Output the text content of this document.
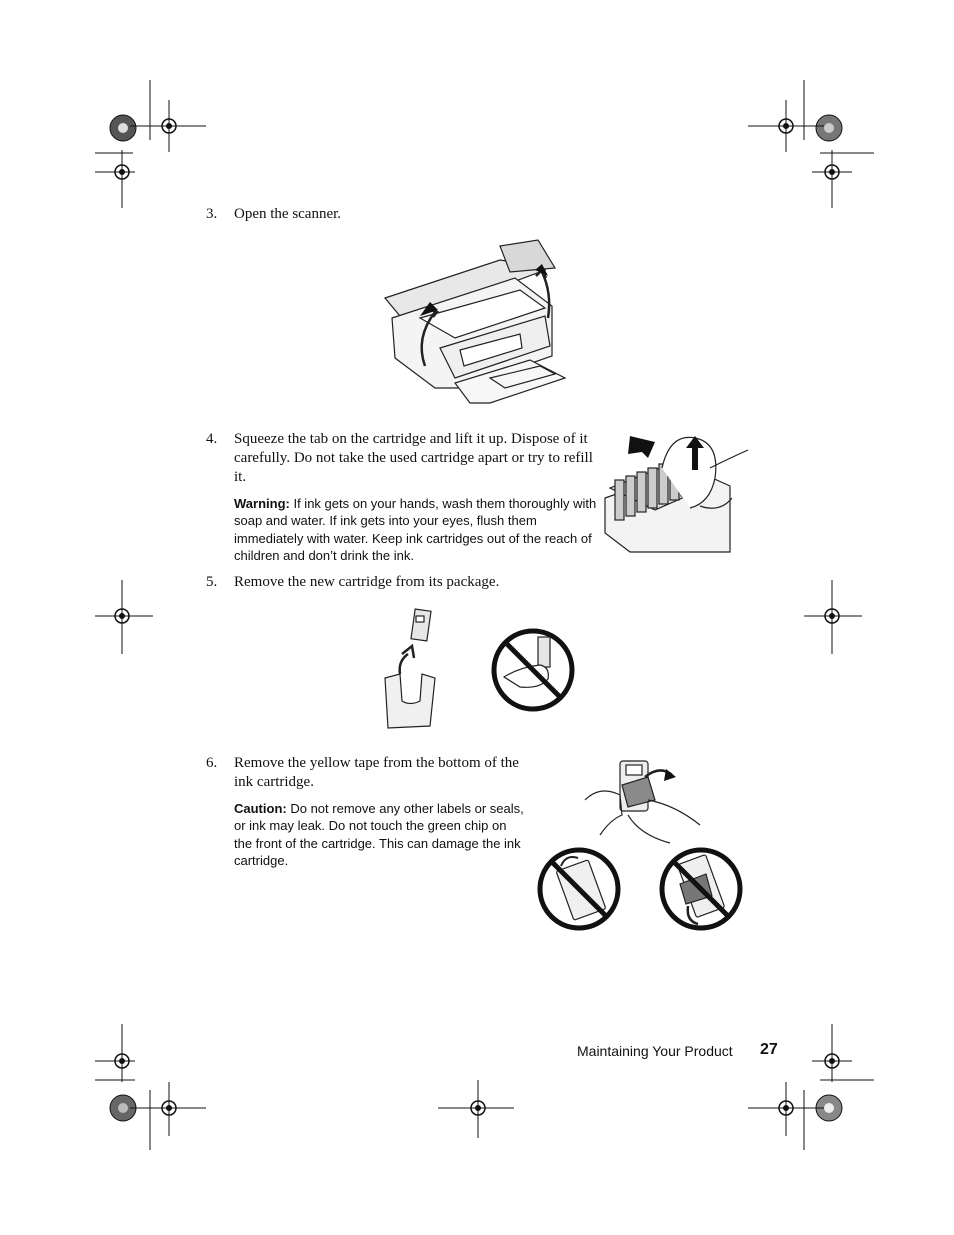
3.	Open the scanner.
4.	Squeeze the tab on the cartridge and lift it up. Dispose of it carefully. Do not take the used cartridge apart or try to refill it.
Warning: If ink gets on your hands, wash them thoroughly with soap and water. If ink gets into your eyes, flush them immediately with water. Keep ink cartridges out of the reach of children and don’t drink the ink.
5.	Remove the new cartridge from its package.
6.	Remove the yellow tape from the bottom of the ink cartridge.
Caution: Do not remove any other labels or seals, or ink may leak. Do not touch the green chip on the front of the cartridge. This can damage the ink cartridge.
Maintaining Your Product 27
